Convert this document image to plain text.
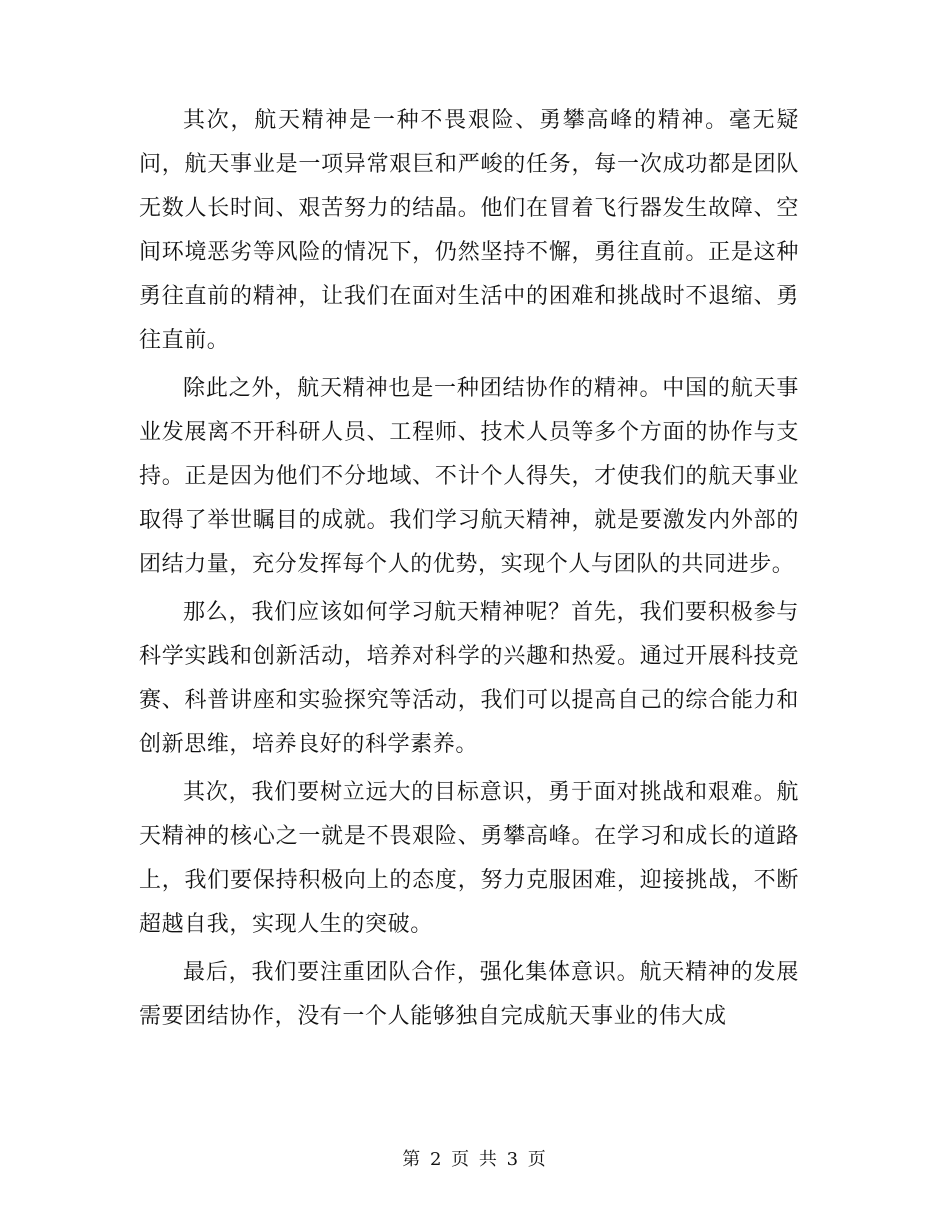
其次，航天精神是一种不畏艰险、勇攀高峰的精神。毫无疑问，航天事业是一项异常艰巨和严峻的任务，每一次成功都是团队无数人长时间、艰苦努力的结晶。他们在冒着飞行器发生故障、空间环境恶劣等风险的情况下，仍然坚持不懈，勇往直前。正是这种勇往直前的精神，让我们在面对生活中的困难和挑战时不退缩、勇往直前。

除此之外，航天精神也是一种团结协作的精神。中国的航天事业发展离不开科研人员、工程师、技术人员等多个方面的协作与支持。正是因为他们不分地域、不计个人得失，才使我们的航天事业取得了举世瞩目的成就。我们学习航天精神，就是要激发内外部的团结力量，充分发挥每个人的优势，实现个人与团队的共同进步。

那么，我们应该如何学习航天精神呢？首先，我们要积极参与科学实践和创新活动，培养对科学的兴趣和热爱。通过开展科技竞赛、科普讲座和实验探究等活动，我们可以提高自己的综合能力和创新思维，培养良好的科学素养。

其次，我们要树立远大的目标意识，勇于面对挑战和艰难。航天精神的核心之一就是不畏艰险、勇攀高峰。在学习和成长的道路上，我们要保持积极向上的态度，努力克服困难，迎接挑战，不断超越自我，实现人生的突破。

最后，我们要注重团队合作，强化集体意识。航天精神的发展需要团结协作，没有一个人能够独自完成航天事业的伟大成

第 2 页 共 3 页
